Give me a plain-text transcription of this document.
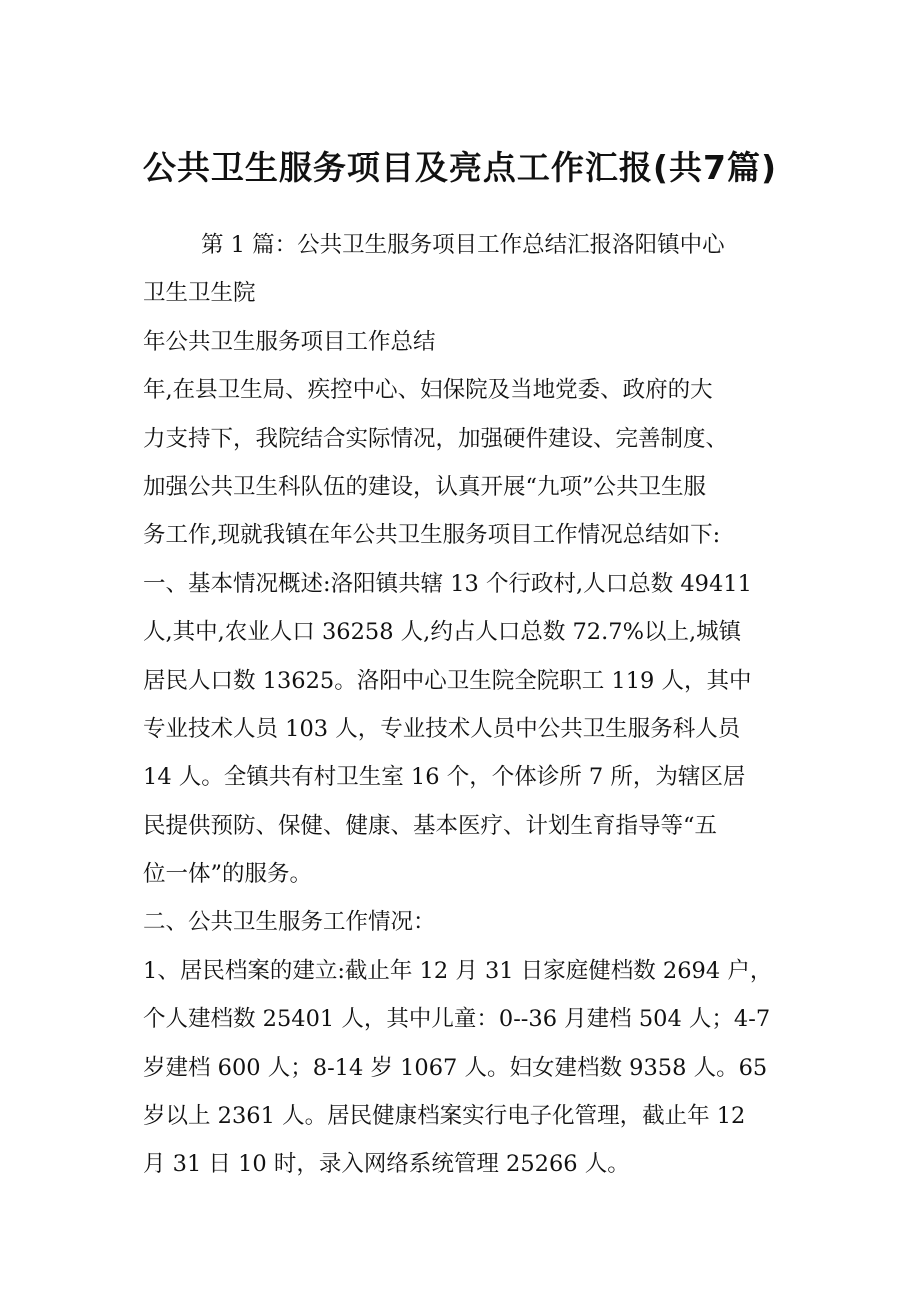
公共卫生服务项目及亮点工作汇报(共7篇)
第 1 篇：公共卫生服务项目工作总结汇报洛阳镇中心
卫生卫生院
年公共卫生服务项目工作总结
年,在县卫生局、疾控中心、妇保院及当地党委、政府的大
力支持下，我院结合实际情况，加强硬件建设、完善制度、
加强公共卫生科队伍的建设，认真开展“九项”公共卫生服
务工作,现就我镇在年公共卫生服务项目工作情况总结如下:
一、基本情况概述:洛阳镇共辖 13 个行政村,人口总数 49411
人,其中,农业人口 36258 人,约占人口总数 72.7%以上,城镇
居民人口数 13625。洛阳中心卫生院全院职工 119 人，其中
专业技术人员 103 人，专业技术人员中公共卫生服务科人员
14 人。全镇共有村卫生室 16 个，个体诊所 7 所，为辖区居
民提供预防、保健、健康、基本医疗、计划生育指导等“五
位一体”的服务。
二、公共卫生服务工作情况：
1、居民档案的建立:截止年 12 月 31 日家庭健档数 2694 户，
个人建档数 25401 人，其中儿童：0--36 月建档 504 人；4-7
岁建档 600 人；8-14 岁 1067 人。妇女建档数 9358 人。65
岁以上 2361 人。居民健康档案实行电子化管理，截止年 12
月 31 日 10 时，录入网络系统管理 25266 人。
